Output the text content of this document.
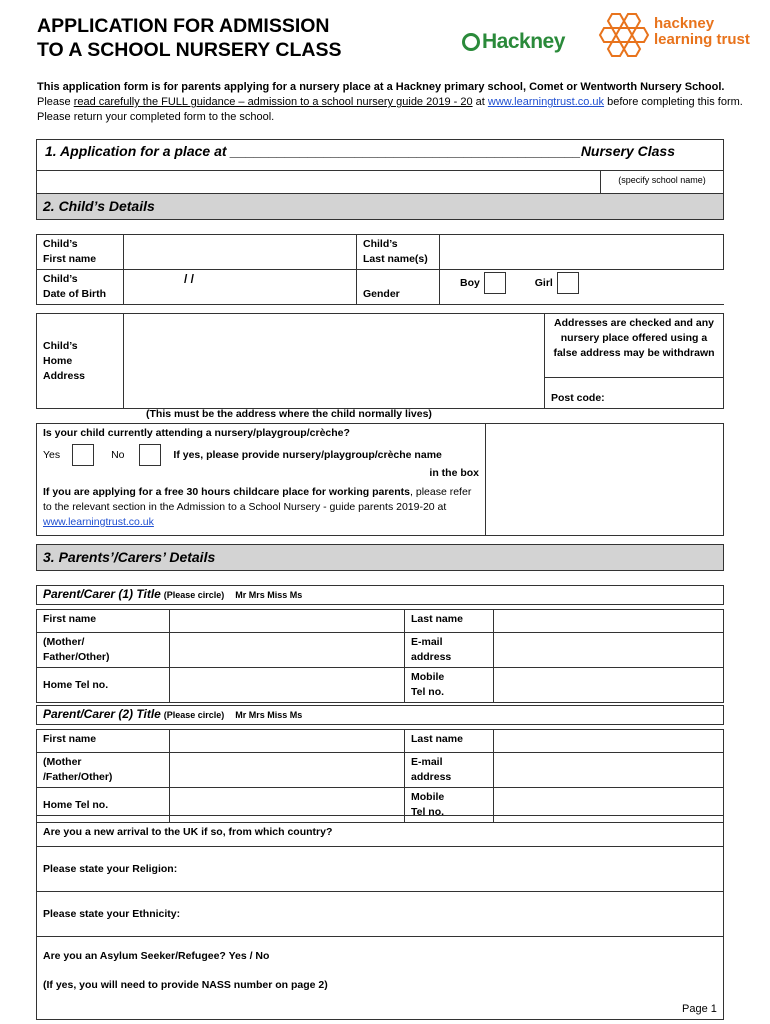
APPLICATION FOR ADMISSION
TO A SCHOOL NURSERY CLASS	Hackney
hackney
learning trust
This application form is for parents applying for a nursery place at a Hackney primary school, Comet or Wentworth Nursery School.
Please read carefully the FULL guidance – admission to a school nursery guide 2019 - 20 at www.learningtrust.co.uk before completing this form. Please return your completed form to the school.
1. Application for a place at _____________________________________________Nursery Class
	(specify school name)
2. Child’s Details
Child’s
First name		Child’s
Last name(s)	
Child’s
Date of Birth	/ /	Gender	Boy Girl
Child’s
Home
Address		Addresses are checked and any nursery place offered using a false address may be withdrawn
Post code:
(This must be the address where the child normally lives)
Is your child currently attending a nursery/playgroup/crèche?
Yes	No	If yes, please provide nursery/playgroup/crèche name
in the box

If you are applying for a free 30 hours childcare place for working parents, please refer to the relevant section in the Admission to a School Nursery - guide parents 2019-20 at www.learningtrust.co.uk
3. Parents’/Carers’ Details
Parent/Carer (1) Title (Please circle) Mr Mrs Miss Ms
First name		Last name	
(Mother/
Father/Other)		E-mail
address	
Home Tel no.		Mobile
Tel no.	
Parent/Carer (2) Title (Please circle) Mr Mrs Miss Ms
First name		Last name	
(Mother
/Father/Other)		E-mail
address	
Home Tel no.		Mobile
Tel no.	
Are you a new arrival to the UK if so, from which country?
Please state your Religion:
Please state your Ethnicity:

Are you an Asylum Seeker/Refugee? Yes / No
(If yes, you will need to provide NASS number on page 2)
Page 1
